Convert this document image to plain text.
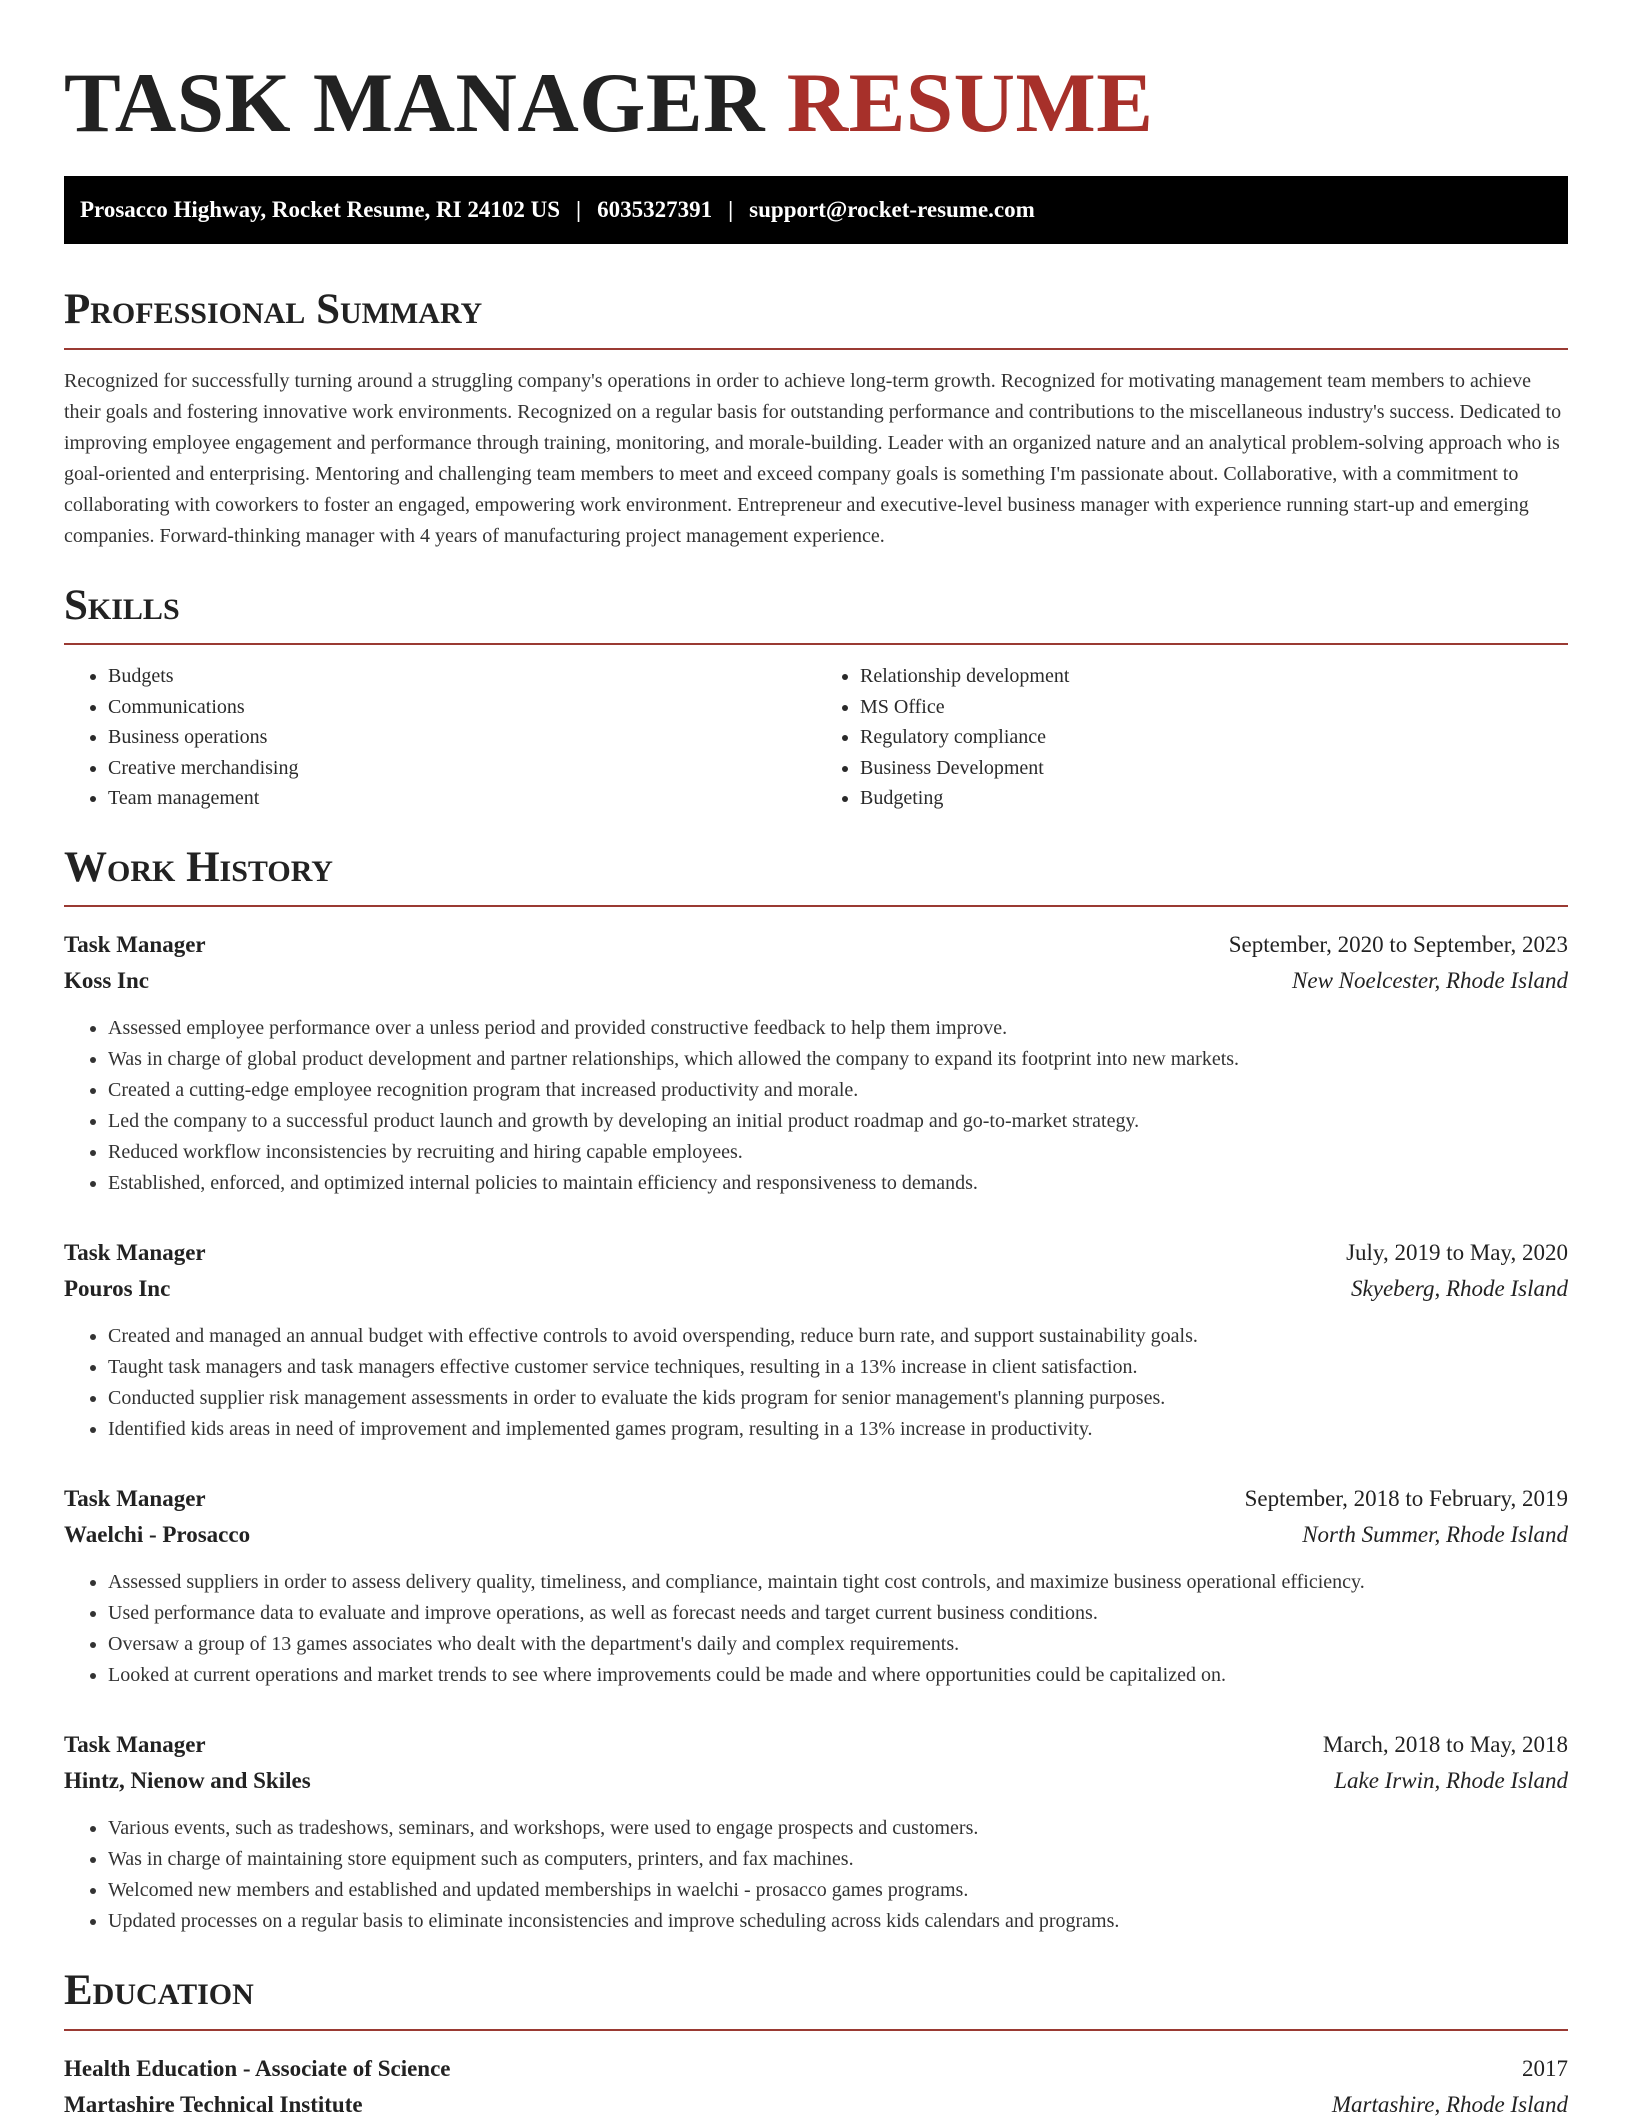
TASK MANAGER RESUME
Prosacco Highway, Rocket Resume, RI 24102 US | 6035327391 | support@rocket-resume.com
Professional Summary

Recognized for successfully turning around a struggling company's operations in order to achieve long-term growth. Recognized for motivating management team members to achieve their goals and fostering innovative work environments. Recognized on a regular basis for outstanding performance and contributions to the miscellaneous industry's success. Dedicated to improving employee engagement and performance through training, monitoring, and morale-building. Leader with an organized nature and an analytical problem-solving approach who is goal-oriented and enterprising. Mentoring and challenging team members to meet and exceed company goals is something I'm passionate about. Collaborative, with a commitment to collaborating with coworkers to foster an engaged, empowering work environment. Entrepreneur and executive-level business manager with experience running start-up and emerging companies. Forward-thinking manager with 4 years of manufacturing project management experience.

Skills
• Budgets
• Communications
• Business operations
• Creative merchandising
• Team management
• Relationship development
• MS Office
• Regulatory compliance
• Business Development
• Budgeting
Work History
Task Manager	September, 2020 to September, 2023
Koss Inc	New Noelcester, Rhode Island
• Assessed employee performance over a unless period and provided constructive feedback to help them improve.
• Was in charge of global product development and partner relationships, which allowed the company to expand its footprint into new markets.
• Created a cutting-edge employee recognition program that increased productivity and morale.
• Led the company to a successful product launch and growth by developing an initial product roadmap and go-to-market strategy.
• Reduced workflow inconsistencies by recruiting and hiring capable employees.
• Established, enforced, and optimized internal policies to maintain efficiency and responsiveness to demands.
Task Manager	July, 2019 to May, 2020
Pouros Inc	Skyeberg, Rhode Island
• Created and managed an annual budget with effective controls to avoid overspending, reduce burn rate, and support sustainability goals.
• Taught task managers and task managers effective customer service techniques, resulting in a 13% increase in client satisfaction.
• Conducted supplier risk management assessments in order to evaluate the kids program for senior management's planning purposes.
• Identified kids areas in need of improvement and implemented games program, resulting in a 13% increase in productivity.
Task Manager	September, 2018 to February, 2019
Waelchi - Prosacco	North Summer, Rhode Island
• Assessed suppliers in order to assess delivery quality, timeliness, and compliance, maintain tight cost controls, and maximize business operational efficiency.
• Used performance data to evaluate and improve operations, as well as forecast needs and target current business conditions.
• Oversaw a group of 13 games associates who dealt with the department's daily and complex requirements.
• Looked at current operations and market trends to see where improvements could be made and where opportunities could be capitalized on.
Task Manager	March, 2018 to May, 2018
Hintz, Nienow and Skiles	Lake Irwin, Rhode Island
• Various events, such as tradeshows, seminars, and workshops, were used to engage prospects and customers.
• Was in charge of maintaining store equipment such as computers, printers, and fax machines.
• Welcomed new members and established and updated memberships in waelchi - prosacco games programs.
• Updated processes on a regular basis to eliminate inconsistencies and improve scheduling across kids calendars and programs.
Education
Health Education - Associate of Science	2017
Martashire Technical Institute	Martashire, Rhode Island
